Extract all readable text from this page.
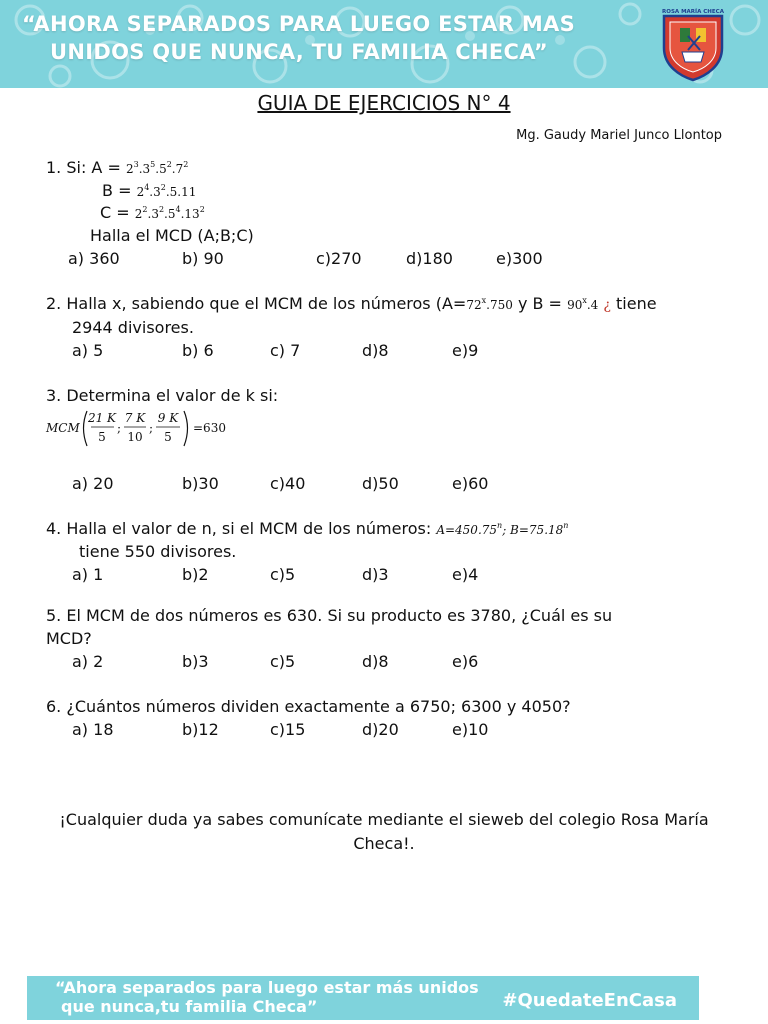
“AHORA SEPARADOS PARA LUEGO ESTAR MAS
UNIDOS QUE NUNCA, TU FAMILIA CHECA”
ROSA MARÍA CHECA
GUIA DE EJERCICIOS N° 4
Mg. Gaudy Mariel Junco Llontop
1. Si: $A = 2^3.3^5.5^2.7^2$
$B = 2^4.3^2.5.11$
$C = 2^2.3^2.5^4.13^2$
Halla el MCD (A;B;C)
a) 360	b) 90	c)270	d)180	e)300
2. Halla x, sabiendo que el MCM de los números ($A=72^x.750$ y $B = 90^x.4$ ¿ tiene
2944 divisores.
a) 5	b) 6	c) 7	d)8	e)9
3. Determina el valor de k si:
MCM
21 K
5
;
7 K
10
;
9 K
5
=630
a) 20	b)30	c)40	d)50	e)60
4. Halla el valor de n, si el MCM de los números: $A=450.75^n$; $B=75.18^n$
tiene 550 divisores.
a) 1	b)2	c)5	d)3	e)4
5. El MCM de dos números es 630. Si su producto es 3780, ¿Cuál es su
MCD?
a) 2	b)3	c)5	d)8	e)6
6. ¿Cuántos números dividen exactamente a 6750; 6300 y 4050?
a) 18	b)12	c)15	d)20	e)10
¡Cualquier duda ya sabes comunícate mediante el sieweb del colegio Rosa María Checa!.
“Ahora separados para luego estar más unidos
que nunca,tu familia Checa”	#QuedateEnCasa
